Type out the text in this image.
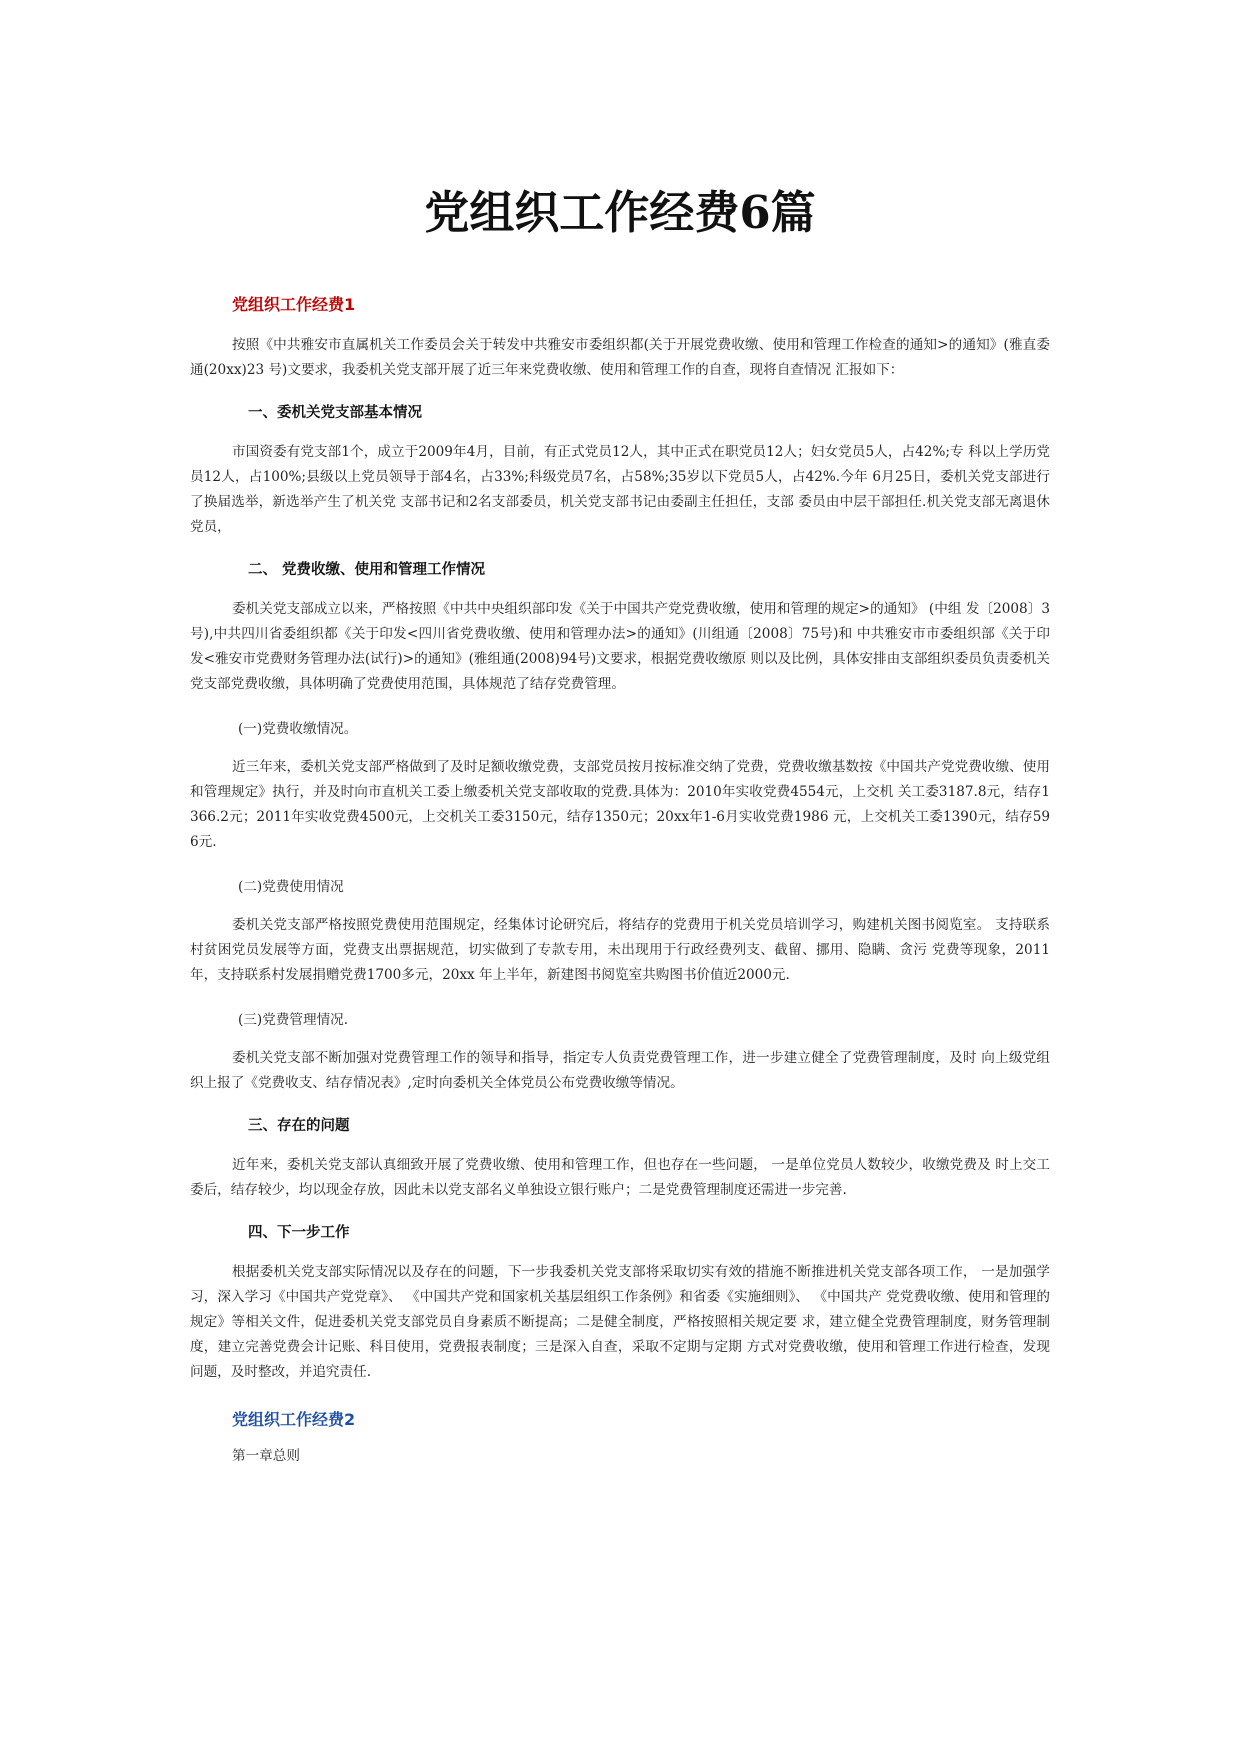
党组织工作经费6篇
党组织工作经费1

按照《中共雅安市直属机关工作委员会关于转发中共雅安市委组织都(关于开展党费收缴、使用和管理工作检查的通知>的通知》(雅直委通(20xx)23 号)文要求，我委机关党支部开展了近三年来党费收缴、使用和管理工作的自查，现将自查情况 汇报如下：

一、委机关党支部基本情况

市国资委有党支部1个，成立于2009年4月，目前，有正式党员12人，其中正式在职党员12人；妇女党员5人，占42%;专 科以上学历党员12人，占100%;县级以上党员领导于部4名，占33%;科级党员7名，占58%;35岁以下党员5人，占42%.今年 6月25日，委机关党支部进行了换届选举，新选举产生了机关党 支部书记和2名支部委员，机关党支部书记由委副主任担任，支部 委员由中层干部担任.机关党支部无离退休党员，

二、 党费收缴、使用和管理工作情况

委机关党支部成立以来，严格按照《中共中央组织部印发《关于中国共产党党费收缴，使用和管理的规定>的通知》 (中组 发〔2008〕3号),中共四川省委组织都《关于印发<四川省党费收缴、使用和管理办法>的通知》(川组通〔2008〕75号)和 中共雅安市市委组织部《关于印发<雅安市党费财务管理办法(试行)>的通知》(雅组通(2008)94号)文要求，根据党费收缴原 则以及比例，具体安排由支部组织委员负责委机关党支部党费收缴，具体明确了党费使用范围，具体规范了结存党费管理。

(一)党费收缴情况。

近三年来，委机关党支部严格做到了及时足额收缴党费，支部党员按月按标准交纳了党费，党费收缴基数按《中国共产党党费收缴、使用和管理规定》执行，并及时向市直机关工委上缴委机关党支部收取的党费.具体为：2010年实收党费4554元，上交机 关工委3187.8元，结存1366.2元；2011年实收党费4500元，上交机关工委3150元，结存1350元；20xx年1-6月实收党费1986 元，上交机关工委1390元，结存596元.

(二)党费使用情况

委机关党支部严格按照党费使用范围规定，经集体讨论研究后，将结存的党费用于机关党员培训学习，购建机关图书阅览室。 支持联系村贫困党员发展等方面，党费支出票据规范，切实做到了专款专用，未出现用于行政经费列支、截留、挪用、隐瞒、贪污 党费等现象，2011年，支持联系村发展捐赠党费1700多元，20xx 年上半年，新建图书阅览室共购图书价值近2000元.

(三)党费管理情况.

委机关党支部不断加强对党费管理工作的领导和指导，指定专人负责党费管理工作，进一步建立健全了党费管理制度，及时 向上级党组织上报了《党费收支、结存情况表》,定时向委机关全体党员公布党费收缴等情况。

三、存在的问题

近年来，委机关党支部认真细致开展了党费收缴、使用和管理工作，但也存在一些问题， 一是单位党员人数较少，收缴党费及 时上交工委后，结存较少，均以现金存放，因此未以党支部名义单独设立银行账户；二是党费管理制度还需进一步完善.

四、下一步工作

根据委机关党支部实际情况以及存在的问题，下一步我委机关党支部将采取切实有效的措施不断推进机关党支部各项工作， 一是加强学习，深入学习《中国共产党党章》、 《中国共产党和国家机关基层组织工作条例》和省委《实施细则》、 《中国共产 党党费收缴、使用和管理的规定》等相关文件，促进委机关党支部党员自身素质不断提高；二是健全制度，严格按照相关规定要 求，建立健全党费管理制度，财务管理制度，建立完善党费会计记账、科目使用，党费报表制度；三是深入自查，采取不定期与定期 方式对党费收缴，使用和管理工作进行检查，发现问题，及时整改，并追究责任.

党组织工作经费2

第一章总则
